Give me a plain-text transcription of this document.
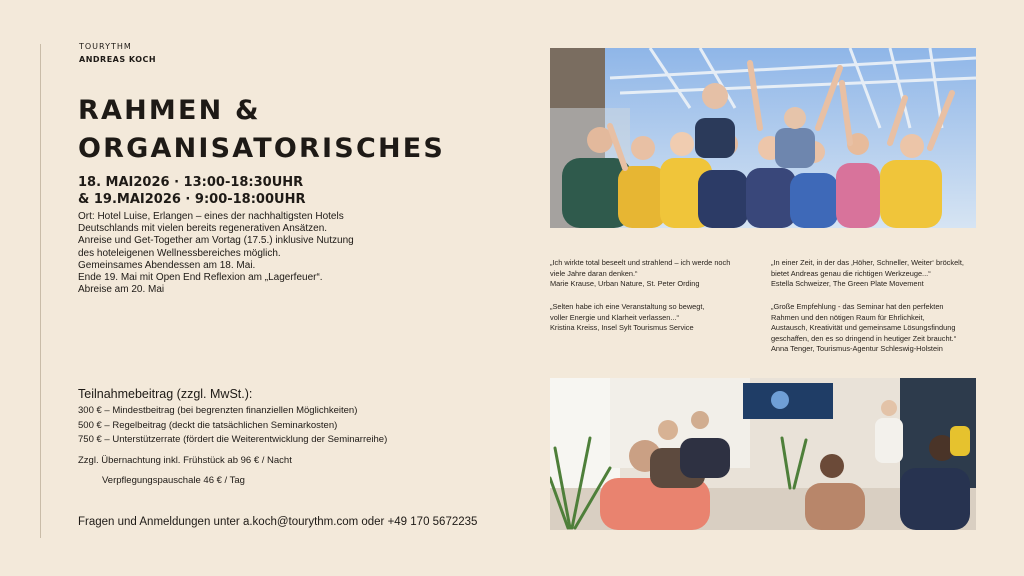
TOURYTHM
ANDREAS KOCH
RAHMEN &
ORGANISATORISCHES
18. MAI2026 · 13:00-18:30UHR
& 19.MAI2026 · 9:00-18:00UHR
Ort: Hotel Luise, Erlangen – eines der nachhaltigsten Hotels
Deutschlands mit vielen bereits regenerativen Ansätzen.
Anreise und Get-Together am Vortag (17.5.) inklusive Nutzung
des hoteleigenen Wellnessbereiches möglich.
Gemeinsames Abendessen am 18. Mai.
Ende 19. Mai mit Open End Reflexion am „Lagerfeuer“.
Abreise am 20. Mai
Teilnahmebeitrag (zzgl. MwSt.):
300 € – Mindestbeitrag (bei begrenzten finanziellen Möglichkeiten)
500 € – Regelbeitrag (deckt die tatsächlichen Seminarkosten)
750 € – Unterstützerrate (fördert die Weiterentwicklung der Seminarreihe)
Zzgl. Übernachtung inkl. Frühstück ab 96 € / Nacht
Verpflegungspauschale 46 € / Tag
Fragen und Anmeldungen unter a.koch@tourythm.com oder +49 170 5672235
„Ich wirkte total beseelt und strahlend – ich werde noch
viele Jahre daran denken.“
Marie Krause, Urban Nature, St. Peter Ording
„In einer Zeit, in der das ‚Höher, Schneller, Weiter‘ bröckelt,
bietet Andreas genau die richtigen Werkzeuge...“
Estella Schweizer, The Green Plate Movement
„Selten habe ich eine Veranstaltung so bewegt,
voller Energie und Klarheit verlassen...“
Kristina Kreiss, Insel Sylt Tourismus Service
„Große Empfehlung - das Seminar hat den perfekten
Rahmen und den nötigen Raum für Ehrlichkeit,
Austausch, Kreativität und gemeinsame Lösungsfindung
geschaffen, den es so dringend in heutiger Zeit braucht.“
Anna Tenger, Tourismus-Agentur Schleswig-Holstein
